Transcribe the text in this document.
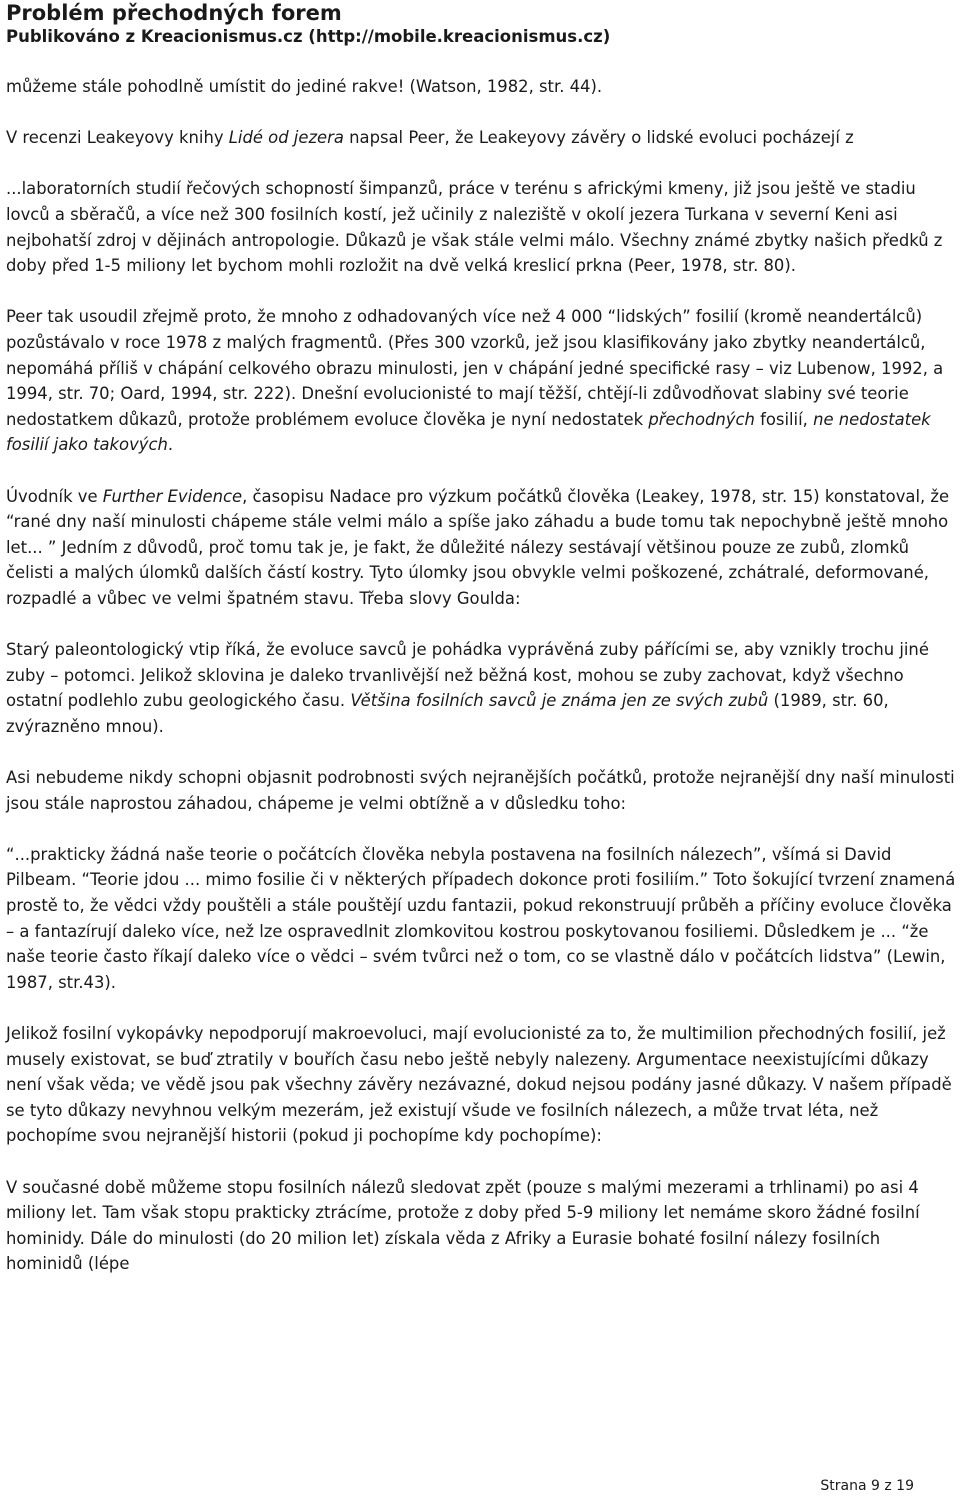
Problém přechodných forem
Publikováno z Kreacionismus.cz (http://mobile.kreacionismus.cz)

můžeme stále pohodlně umístit do jediné rakve! (Watson, 1982, str. 44).

V recenzi Leakeyovy knihy Lidé od jezera napsal Peer, že Leakeyovy závěry o lidské evoluci pocházejí z

...laboratorních studií řečových schopností šimpanzů, práce v terénu s africkými kmeny, již jsou ještě ve stadiu lovců a sběračů, a více než 300 fosilních kostí, jež učinily z naleziště v okolí jezera Turkana v severní Keni asi nejbohatší zdroj v dějinách antropologie. Důkazů je však stále velmi málo. Všechny známé zbytky našich předků z doby před 1-5 miliony let bychom mohli rozložit na dvě velká kreslicí prkna (Peer, 1978, str. 80).

Peer tak usoudil zřejmě proto, že mnoho z odhadovaných více než 4 000 “lidských” fosilií (kromě neandertálců) pozůstávalo v roce 1978 z malých fragmentů. (Přes 300 vzorků, jež jsou klasifikovány jako zbytky neandertálců, nepomáhá příliš v chápání celkového obrazu minulosti, jen v chápání jedné specifické rasy – viz Lubenow, 1992, a 1994, str. 70; Oard, 1994, str. 222). Dnešní evolucionisté to mají těžší, chtějí-li zdůvodňovat slabiny své teorie nedostatkem důkazů, protože problémem evoluce člověka je nyní nedostatek přechodných fosilií, ne nedostatek fosilií jako takových.

Úvodník ve Further Evidence, časopisu Nadace pro výzkum počátků člověka (Leakey, 1978, str. 15) konstatoval, že “rané dny naší minulosti chápeme stále velmi málo a spíše jako záhadu a bude tomu tak nepochybně ještě mnoho let... ” Jedním z důvodů, proč tomu tak je, je fakt, že důležité nálezy sestávají většinou pouze ze zubů, zlomků čelisti a malých úlomků dalších částí kostry. Tyto úlomky jsou obvykle velmi poškozené, zchátralé, deformované, rozpadlé a vůbec ve velmi špatném stavu. Třeba slovy Goulda:

Starý paleontologický vtip říká, že evoluce savců je pohádka vyprávěná zuby pářícími se, aby vznikly trochu jiné zuby – potomci. Jelikož sklovina je daleko trvanlivější než běžná kost, mohou se zuby zachovat, když všechno ostatní podlehlo zubu geologického času. Většina fosilních savců je známa jen ze svých zubů (1989, str. 60, zvýrazněno mnou).

Asi nebudeme nikdy schopni objasnit podrobnosti svých nejranějších počátků, protože nejranější dny naší minulosti jsou stále naprostou záhadou, chápeme je velmi obtížně a v důsledku toho:

“...prakticky žádná naše teorie o počátcích člověka nebyla postavena na fosilních nálezech”, všímá si David Pilbeam. “Teorie jdou ... mimo fosilie či v některých případech dokonce proti fosiliím.” Toto šokující tvrzení znamená prostě to, že vědci vždy pouštěli a stále pouštějí uzdu fantazii, pokud rekonstruují průběh a příčiny evoluce člověka – a fantazírují daleko více, než lze ospravedlnit zlomkovitou kostrou poskytovanou fosiliemi. Důsledkem je ... “že naše teorie často říkají daleko více o vědci – svém tvůrci než o tom, co se vlastně dálo v počátcích lidstva” (Lewin, 1987, str.43).

Jelikož fosilní vykopávky nepodporují makroevoluci, mají evolucionisté za to, že multimilion přechodných fosilií, jež musely existovat, se buď ztratily v bouřích času nebo ještě nebyly nalezeny. Argumentace neexistujícími důkazy není však věda; ve vědě jsou pak všechny závěry nezávazné, dokud nejsou podány jasné důkazy. V našem případě se tyto důkazy nevyhnou velkým mezerám, jež existují všude ve fosilních nálezech, a může trvat léta, než pochopíme svou nejranější historii (pokud ji pochopíme kdy pochopíme):

V současné době můžeme stopu fosilních nálezů sledovat zpět (pouze s malými mezerami a trhlinami) po asi 4 miliony let. Tam však stopu prakticky ztrácíme, protože z doby před 5-9 miliony let nemáme skoro žádné fosilní hominidy. Dále do minulosti (do 20 milion let) získala věda z Afriky a Eurasie bohaté fosilní nálezy fosilních hominidů (lépe

Strana 9 z 19
